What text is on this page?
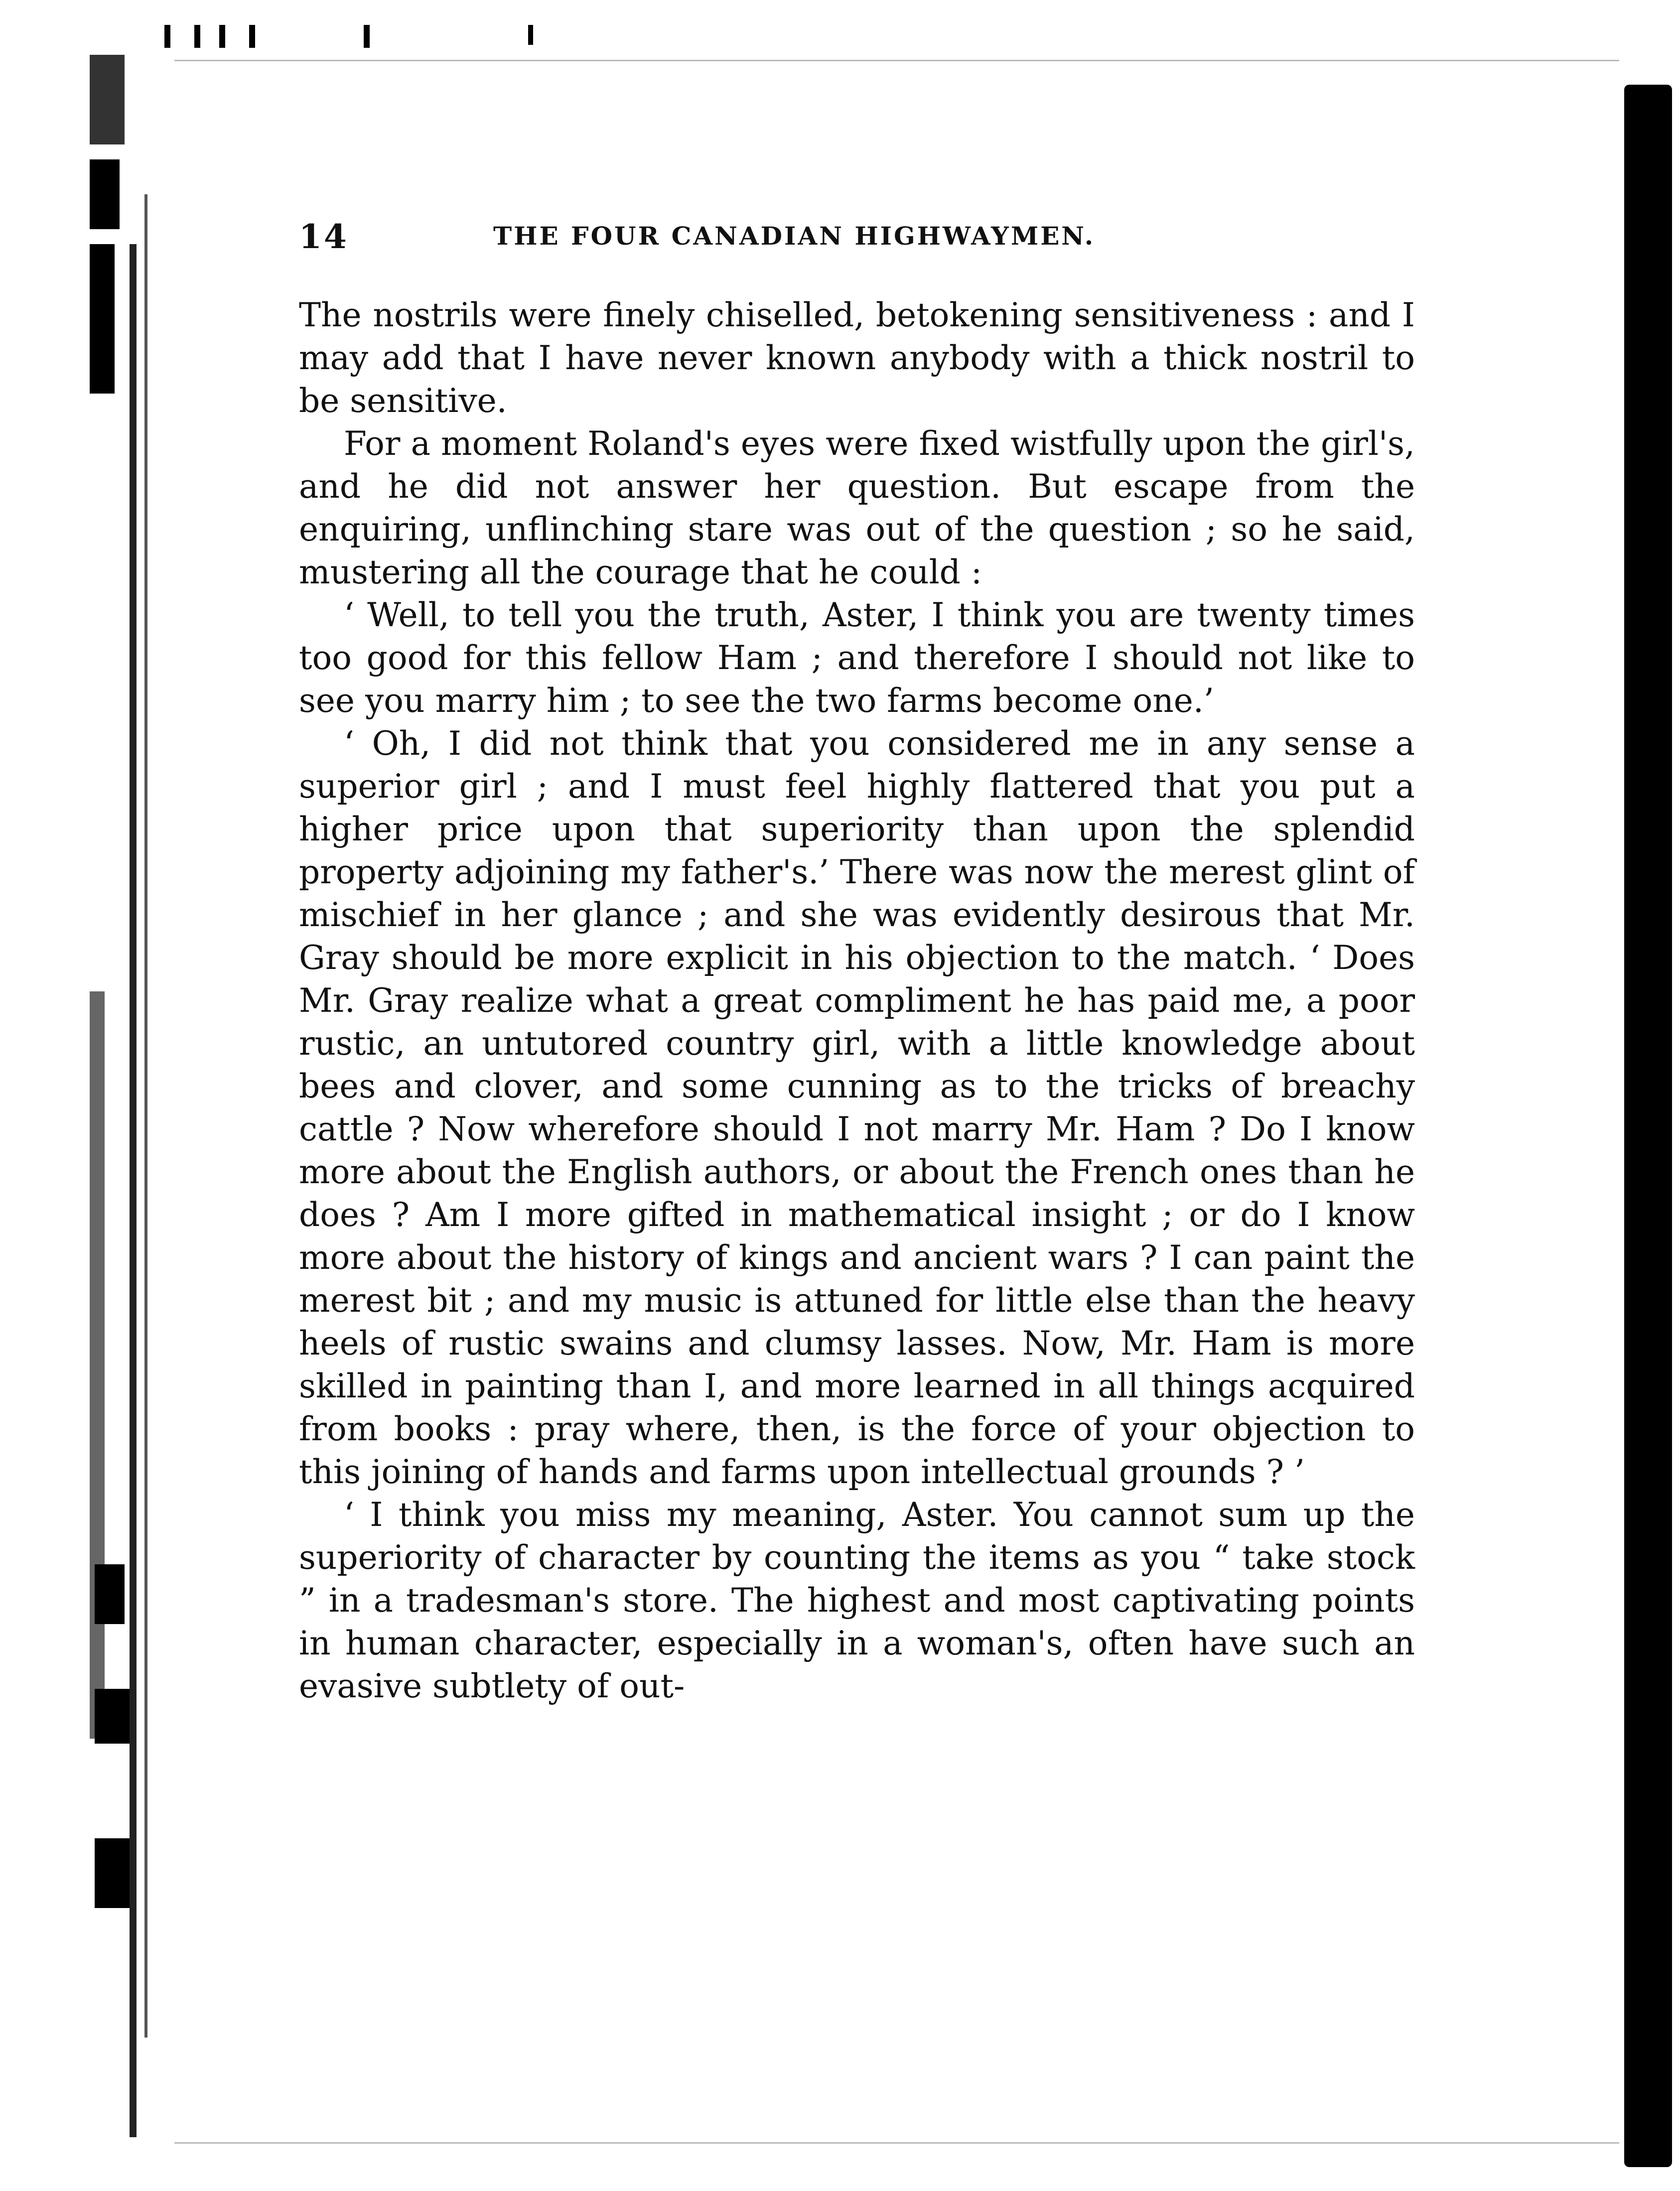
14	THE FOUR CANADIAN HIGHWAYMEN.

The nostrils were finely chiselled, betokening sensitiveness : and I may add that I have never known anybody with a thick nostril to be sensitive.

For a moment Roland's eyes were fixed wistfully upon the girl's, and he did not answer her question. But escape from the enquiring, unflinching stare was out of the question ; so he said, mustering all the courage that he could :

‘ Well, to tell you the truth, Aster, I think you are twenty times too good for this fellow Ham ; and therefore I should not like to see you marry him ; to see the two farms become one.’

‘ Oh, I did not think that you considered me in any sense a superior girl ; and I must feel highly flattered that you put a higher price upon that superiority than upon the splendid property adjoining my father's.’ There was now the merest glint of mischief in her glance ; and she was evidently desirous that Mr. Gray should be more explicit in his objection to the match. ‘ Does Mr. Gray realize what a great compliment he has paid me, a poor rustic, an untutored country girl, with a little knowledge about bees and clover, and some cunning as to the tricks of breachy cattle ? Now wherefore should I not marry Mr. Ham ? Do I know more about the English authors, or about the French ones than he does ? Am I more gifted in mathematical insight ; or do I know more about the history of kings and ancient wars ? I can paint the merest bit ; and my music is attuned for little else than the heavy heels of rustic swains and clumsy lasses. Now, Mr. Ham is more skilled in painting than I, and more learned in all things acquired from books : pray where, then, is the force of your objection to this joining of hands and farms upon intellectual grounds ? ’

‘ I think you miss my meaning, Aster. You cannot sum up the superiority of character by counting the items as you “ take stock ” in a tradesman's store. The highest and most captivating points in human character, especially in a woman's, often have such an evasive subtlety of out-
